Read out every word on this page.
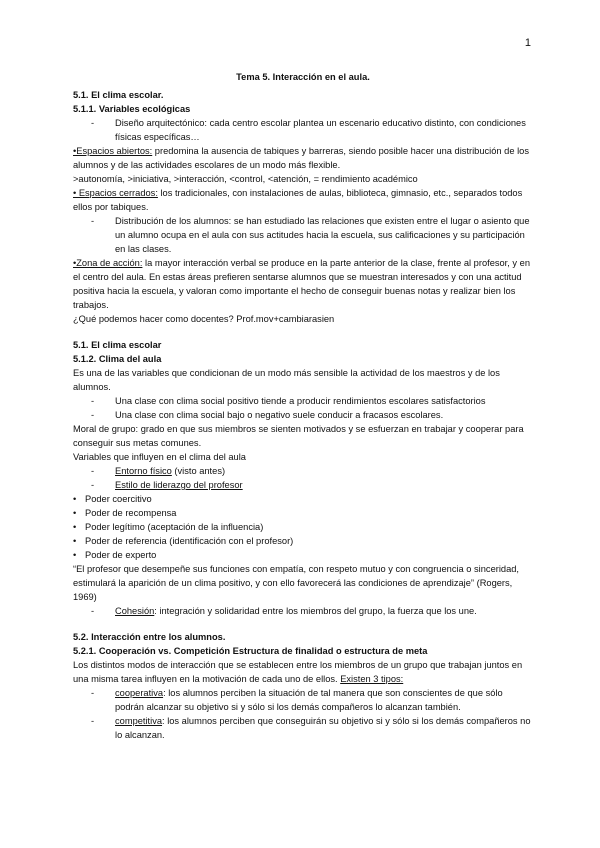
1

Tema 5. Interacción en el aula.

5.1. El clima escolar.

5.1.1. Variables ecológicas

- Diseño arquitectónico: cada centro escolar plantea un escenario educativo distinto, con condiciones físicas específicas…

•Espacios abiertos: predomina la ausencia de tabiques y barreras, siendo posible hacer una distribución de los alumnos y de las actividades escolares de un modo más flexible.

>autonomía, >iniciativa, >interacción, <control, <atención, = rendimiento académico

• Espacios cerrados: los tradicionales, con instalaciones de aulas, biblioteca, gimnasio, etc., separados todos ellos por tabiques.

- Distribución de los alumnos: se han estudiado las relaciones que existen entre el lugar o asiento que un alumno ocupa en el aula con sus actitudes hacia la escuela, sus calificaciones y su participación en las clases.

•Zona de acción: la mayor interacción verbal se produce en la parte anterior de la clase, frente al profesor, y en el centro del aula. En estas áreas prefieren sentarse alumnos que se muestran interesados y con una actitud positiva hacia la escuela, y valoran como importante el hecho de conseguir buenas notas y realizar bien los trabajos.

¿Qué podemos hacer como docentes? Prof.mov+cambiarasien

5.1. El clima escolar

5.1.2. Clima del aula

Es una de las variables que condicionan de un modo más sensible la actividad de los maestros y de los alumnos.

- Una clase con clima social positivo tiende a producir rendimientos escolares satisfactorios

- Una clase con clima social bajo o negativo suele conducir a fracasos escolares.

Moral de grupo: grado en que sus miembros se sienten motivados y se esfuerzan en trabajar y cooperar para conseguir sus metas comunes.

Variables que influyen en el clima del aula

- Entorno físico (visto antes)

- Estilo de liderazgo del profesor

• Poder coercitivo

• Poder de recompensa

• Poder legítimo (aceptación de la influencia)

• Poder de referencia (identificación con el profesor)

• Poder de experto

“El profesor que desempeñe sus funciones con empatía, con respeto mutuo y con congruencia o sinceridad, estimulará la aparición de un clima positivo, y con ello favorecerá las condiciones de aprendizaje” (Rogers, 1969)

- Cohesión: integración y solidaridad entre los miembros del grupo, la fuerza que los une.

5.2. Interacción entre los alumnos.

5.2.1. Cooperación vs. Competición Estructura de finalidad o estructura de meta

Los distintos modos de interacción que se establecen entre los miembros de un grupo que trabajan juntos en una misma tarea influyen en la motivación de cada uno de ellos. Existen 3 tipos:

- cooperativa: los alumnos perciben la situación de tal manera que son conscientes de que sólo podrán alcanzar su objetivo si y sólo si los demás compañeros lo alcanzan también.

- competitiva: los alumnos perciben que conseguirán su objetivo si y sólo si los demás compañeros no lo alcanzan.
